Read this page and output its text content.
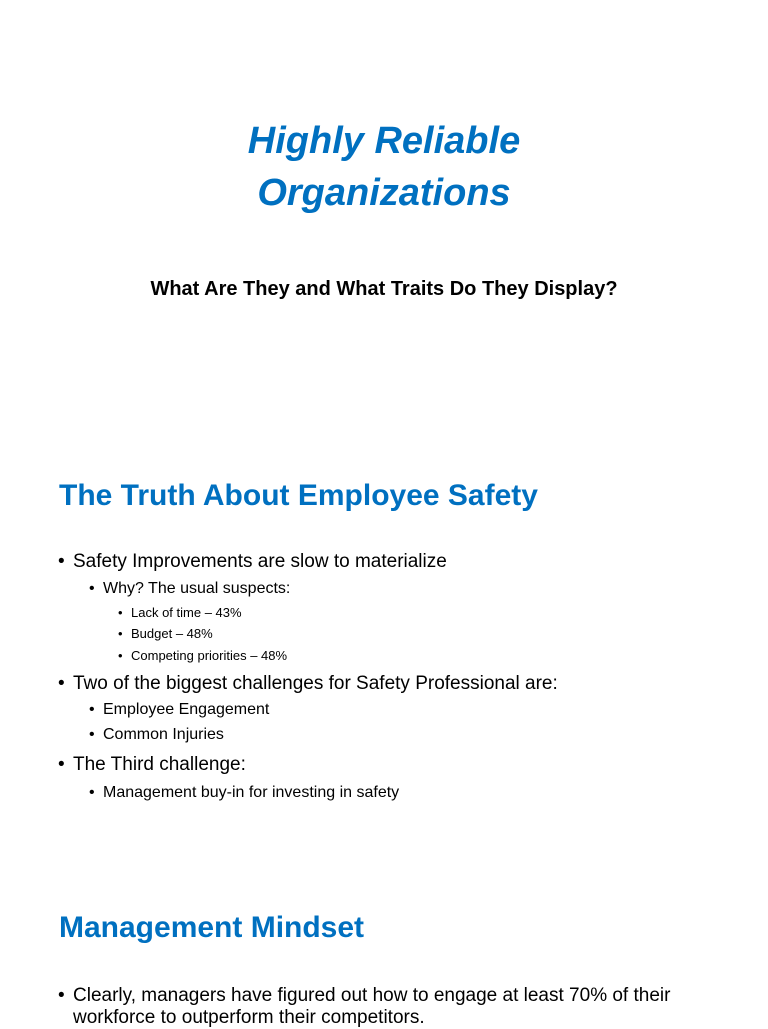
Highly Reliable
Organizations
What Are They and What Traits Do They Display?
The Truth About Employee Safety
• Safety Improvements are slow to materialize
• Why? The usual suspects:
• Lack of time – 43%
• Budget – 48%
• Competing priorities – 48%
• Two of the biggest challenges for Safety Professional are:
• Employee Engagement
• Common Injuries
• The Third challenge:
• Management buy-in for investing in safety
Management Mindset
• Clearly, managers have figured out how to engage at least 70% of their workforce to outperform their competitors.
